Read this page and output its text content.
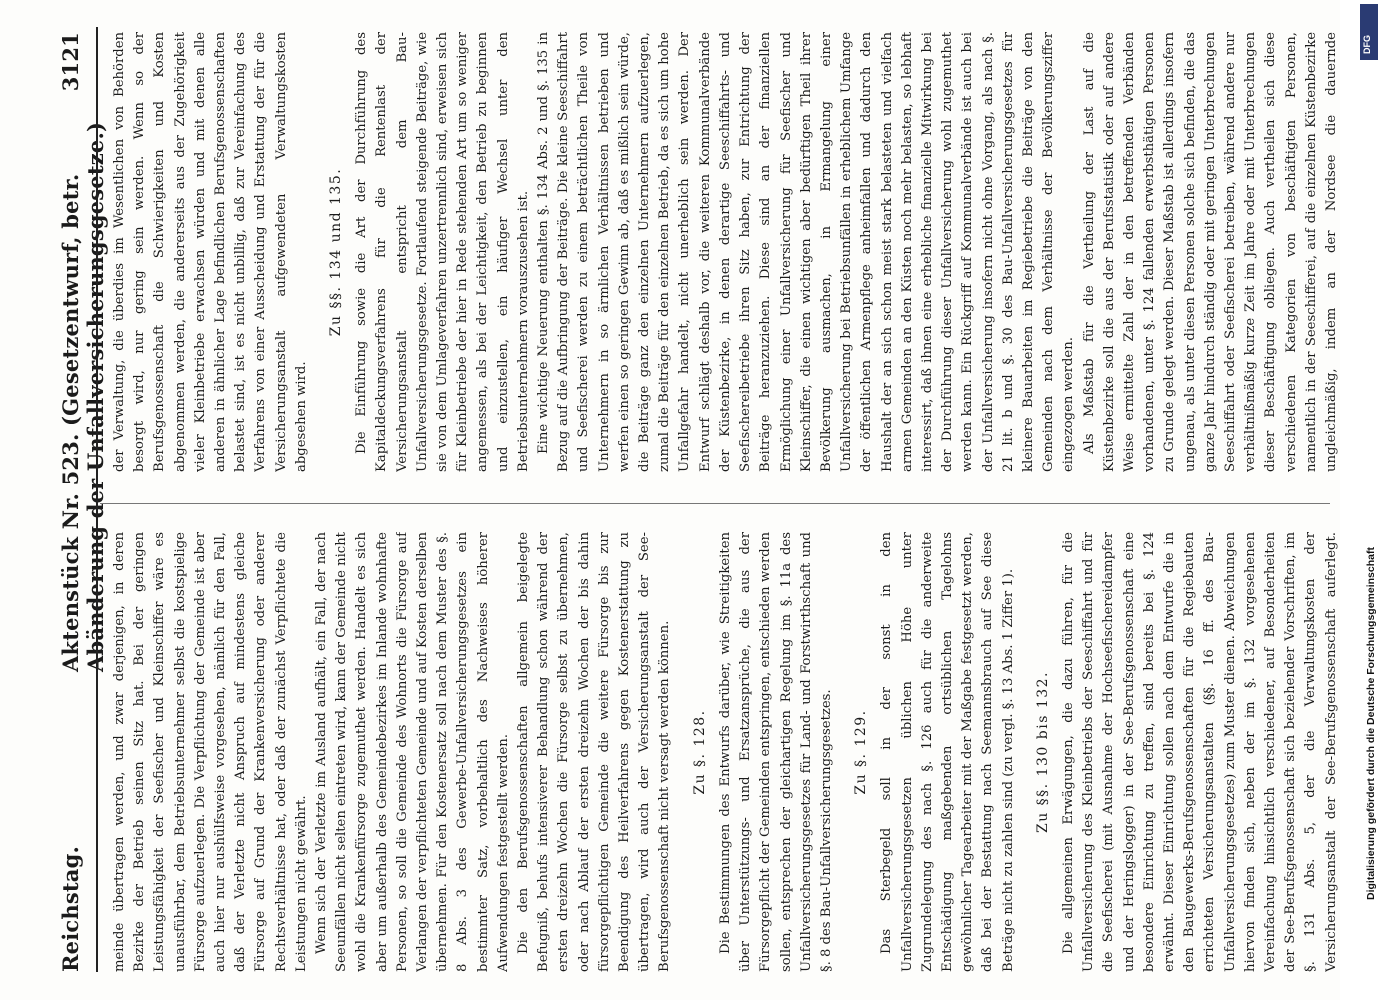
Reichstag.
Aktenstück Nr. 523. (Gesetzentwurf, betr. Abänderung der Unfallversicherungsgesetze.)
3121

meinde übertragen werden, und zwar derjenigen, in deren Bezirke der Betrieb seinen Sitz hat. Bei der geringen Leistungsfähigkeit der Seefischer und Kleinschiffer wäre es unausführbar, dem Betriebsunternehmer selbst die kostspielige Fürsorge aufzuerlegen. Die Verpflichtung der Gemeinde ist aber auch hier nur aushülfsweise vorgesehen, nämlich für den Fall, daß der Verletzte nicht Anspruch auf mindestens gleiche Fürsorge auf Grund der Krankenversicherung oder anderer Rechtsverhältnisse hat, oder daß der zunächst Verpflichtete die Leistungen nicht gewährt. Wenn sich der Verletzte im Ausland aufhält, ein Fall, der nach Seeunfällen nicht selten eintreten wird, kann der Gemeinde nicht wohl die Krankenfürsorge zugemuthet werden. Handelt es sich aber um außerhalb des Gemeindebezirkes im Inlande wohnhafte Personen, so soll die Gemeinde des Wohnorts die Fürsorge auf Verlangen der verpflichteten Gemeinde und auf Kosten derselben übernehmen. Für den Kostenersatz soll nach dem Muster des §. 8 Abs. 3 des Gewerbe-Unfallversicherungsgesetzes ein bestimmter Satz, vorbehaltlich des Nachweises höherer Aufwendungen festgestellt werden. Die den Berufsgenossenschaften allgemein beigelegte Befugniß, behufs intensiverer Behandlung schon während der ersten dreizehn Wochen die Fürsorge selbst zu übernehmen, oder nach Ablauf der ersten dreizehn Wochen der bis dahin fürsorgepflichtigen Gemeinde die weitere Fürsorge bis zur Beendigung des Heilverfahrens gegen Kostenerstattung zu übertragen, wird auch der Versicherungsanstalt der See-Berufsgenossenschaft nicht versagt werden können. Zu §. 128. Die Bestimmungen des Entwurfs darüber, wie Streitigkeiten über Unterstützungs- und Ersatzansprüche, die aus der Fürsorgepflicht der Gemeinden entspringen, entschieden werden sollen, entsprechen der gleichartigen Regelung im §. 11a des Unfallversicherungsgesetzes für Land- und Forstwirthschaft und §. 8 des Bau-Unfallversicherungsgesetzes. Zu §. 129. Das Sterbegeld soll in der sonst in den Unfallversicherungsgesetzen üblichen Höhe unter Zugrundelegung des nach §. 126 auch für die anderweite Entschädigung maßgebenden ortsüblichen Tagelohns gewöhnlicher Tagearbeiter mit der Maßgabe festgesetzt werden, daß bei der Bestattung nach Seemannsbrauch auf See diese Beträge nicht zu zahlen sind (zu vergl. §. 13 Abs. 1 Ziffer 1). Zu §§. 130 bis 132.

Die allgemeinen Erwägungen, die dazu führen, für die Unfallversicherung des Kleinbetriebs der Seeschiffahrt und für die Seefischerei (mit Ausnahme der Hochseefischereidampfer und der Heringslogger) in der See-Berufsgenossenschaft eine besondere Einrichtung zu treffen, sind bereits bei §. 124 erwähnt. Dieser Einrichtung sollen nach dem Entwurfe die in den Baugewerks-Berufsgenossenschaften für die Regiebauten errichteten Versicherungsanstalten (§§. 16 ff. des Bau-Unfallversicherungsgesetzes) zum Muster dienen. Abweichungen hiervon finden sich, neben der im §. 132 vorgesehenen Vereinfachung hinsichtlich verschiedener, auf Besonderheiten der See-Berufsgenossenschaft sich beziehender Vorschriften, im §. 131 Abs. 5, der die Verwaltungskosten der Versicherungsanstalt der See-Berufsgenossenschaft auferlegt.

der Verwaltung, die überdies im Wesentlichen von Behörden besorgt wird, nur gering sein werden. Wenn so der Berufsgenossenschaft die Schwierigkeiten und Kosten abgenommen werden, die andererseits aus der Zugehörigkeit vieler Kleinbetriebe erwachsen würden und mit denen alle anderen in ähnlicher Lage befindlichen Berufsgenossenschaften belastet sind, ist es nicht unbillig, daß zur Vereinfachung des Verfahrens von einer Ausscheidung und Erstattung der für die Versicherungsanstalt aufgewendeten Verwaltungskosten abgesehen wird.

Zu §§. 134 und 135. Die Einführung sowie die Art der Durchführung des Kapitaldeckungsverfahrens für die Rentenlast der Versicherungsanstalt entspricht dem Bau-Unfallversicherungsgesetze. Fortlaufend steigende Beiträge, wie sie von dem Umlageverfahren unzertrennlich sind, erweisen sich für Kleinbetriebe der hier in Rede stehenden Art um so weniger angemessen, als bei der Leichtigkeit, den Betrieb zu beginnen und einzustellen, ein häufiger Wechsel unter den Betriebsunternehmern vorauszusehen ist. Eine wichtige Neuerung enthalten §. 134 Abs. 2 und §. 135 in Bezug auf die Aufbringung der Beiträge. Die kleine Seeschiffahrt und Seefischerei werden zu einem beträchtlichen Theile von Unternehmern in so ärmlichen Verhältnissen betrieben und werfen einen so geringen Gewinn ab, daß es mißlich sein würde, die Beiträge ganz den einzelnen Unternehmern aufzuerlegen, zumal die Beiträge für den einzelnen Betrieb, da es sich um hohe Unfallgefahr handelt, nicht unerheblich sein werden. Der Entwurf schlägt deshalb vor, die weiteren Kommunalverbände der Küstenbezirke, in denen derartige Seeschiffahrts- und Seefischereibetriebe ihren Sitz haben, zur Entrichtung der Beiträge heranzuziehen. Diese sind an der finanziellen Ermöglichung einer Unfallversicherung für Seefischer und Kleinschiffer, die einen wichtigen aber bedürftigen Theil ihrer Bevölkerung ausmachen, in Ermangelung einer Unfallversicherung bei Betriebsunfällen in erheblichem Umfange der öffentlichen Armenpflege anheimfallen und dadurch den Haushalt der an sich schon meist stark belasteten und vielfach armen Gemeinden an den Küsten noch mehr belasten, so lebhaft interessirt, daß ihnen eine erhebliche finanzielle Mitwirkung bei der Durchführung dieser Unfallversicherung wohl zugemuthet werden kann. Ein Rückgriff auf Kommunalverbände ist auch bei der Unfallversicherung insofern nicht ohne Vorgang, als nach §. 21 lit. b und §. 30 des Bau-Unfallversicherungsgesetzes für kleinere Bauarbeiten im Regiebetriebe die Beiträge von den Gemeinden nach dem Verhältnisse der Bevölkerungsziffer eingezogen werden. Als Maßstab für die Vertheilung der Last auf die Küstenbezirke soll die aus der Berufsstatistik oder auf andere Weise ermittelte Zahl der in den betreffenden Verbänden vorhandenen, unter §. 124 fallenden erwerbsthätigen Personen zu Grunde gelegt werden. Dieser Maßstab ist allerdings insofern ungenau, als unter diesen Personen solche sich befinden, die das ganze Jahr hindurch ständig oder mit geringen Unterbrechungen Seeschiffahrt oder Seefischerei betreiben, während andere nur verhältnißmäßig kurze Zeit im Jahre oder mit Unterbrechungen dieser Beschäftigung obliegen. Auch vertheilen sich diese verschiedenen Kategorien von beschäftigten Personen, namentlich in der Seeschifferei, auf die einzelnen Küstenbezirke ungleichmäßig, indem an der Nordsee die dauernde

Digitalisierung gefördert durch die Deutsche Forschungsgemeinschaft
DFG
